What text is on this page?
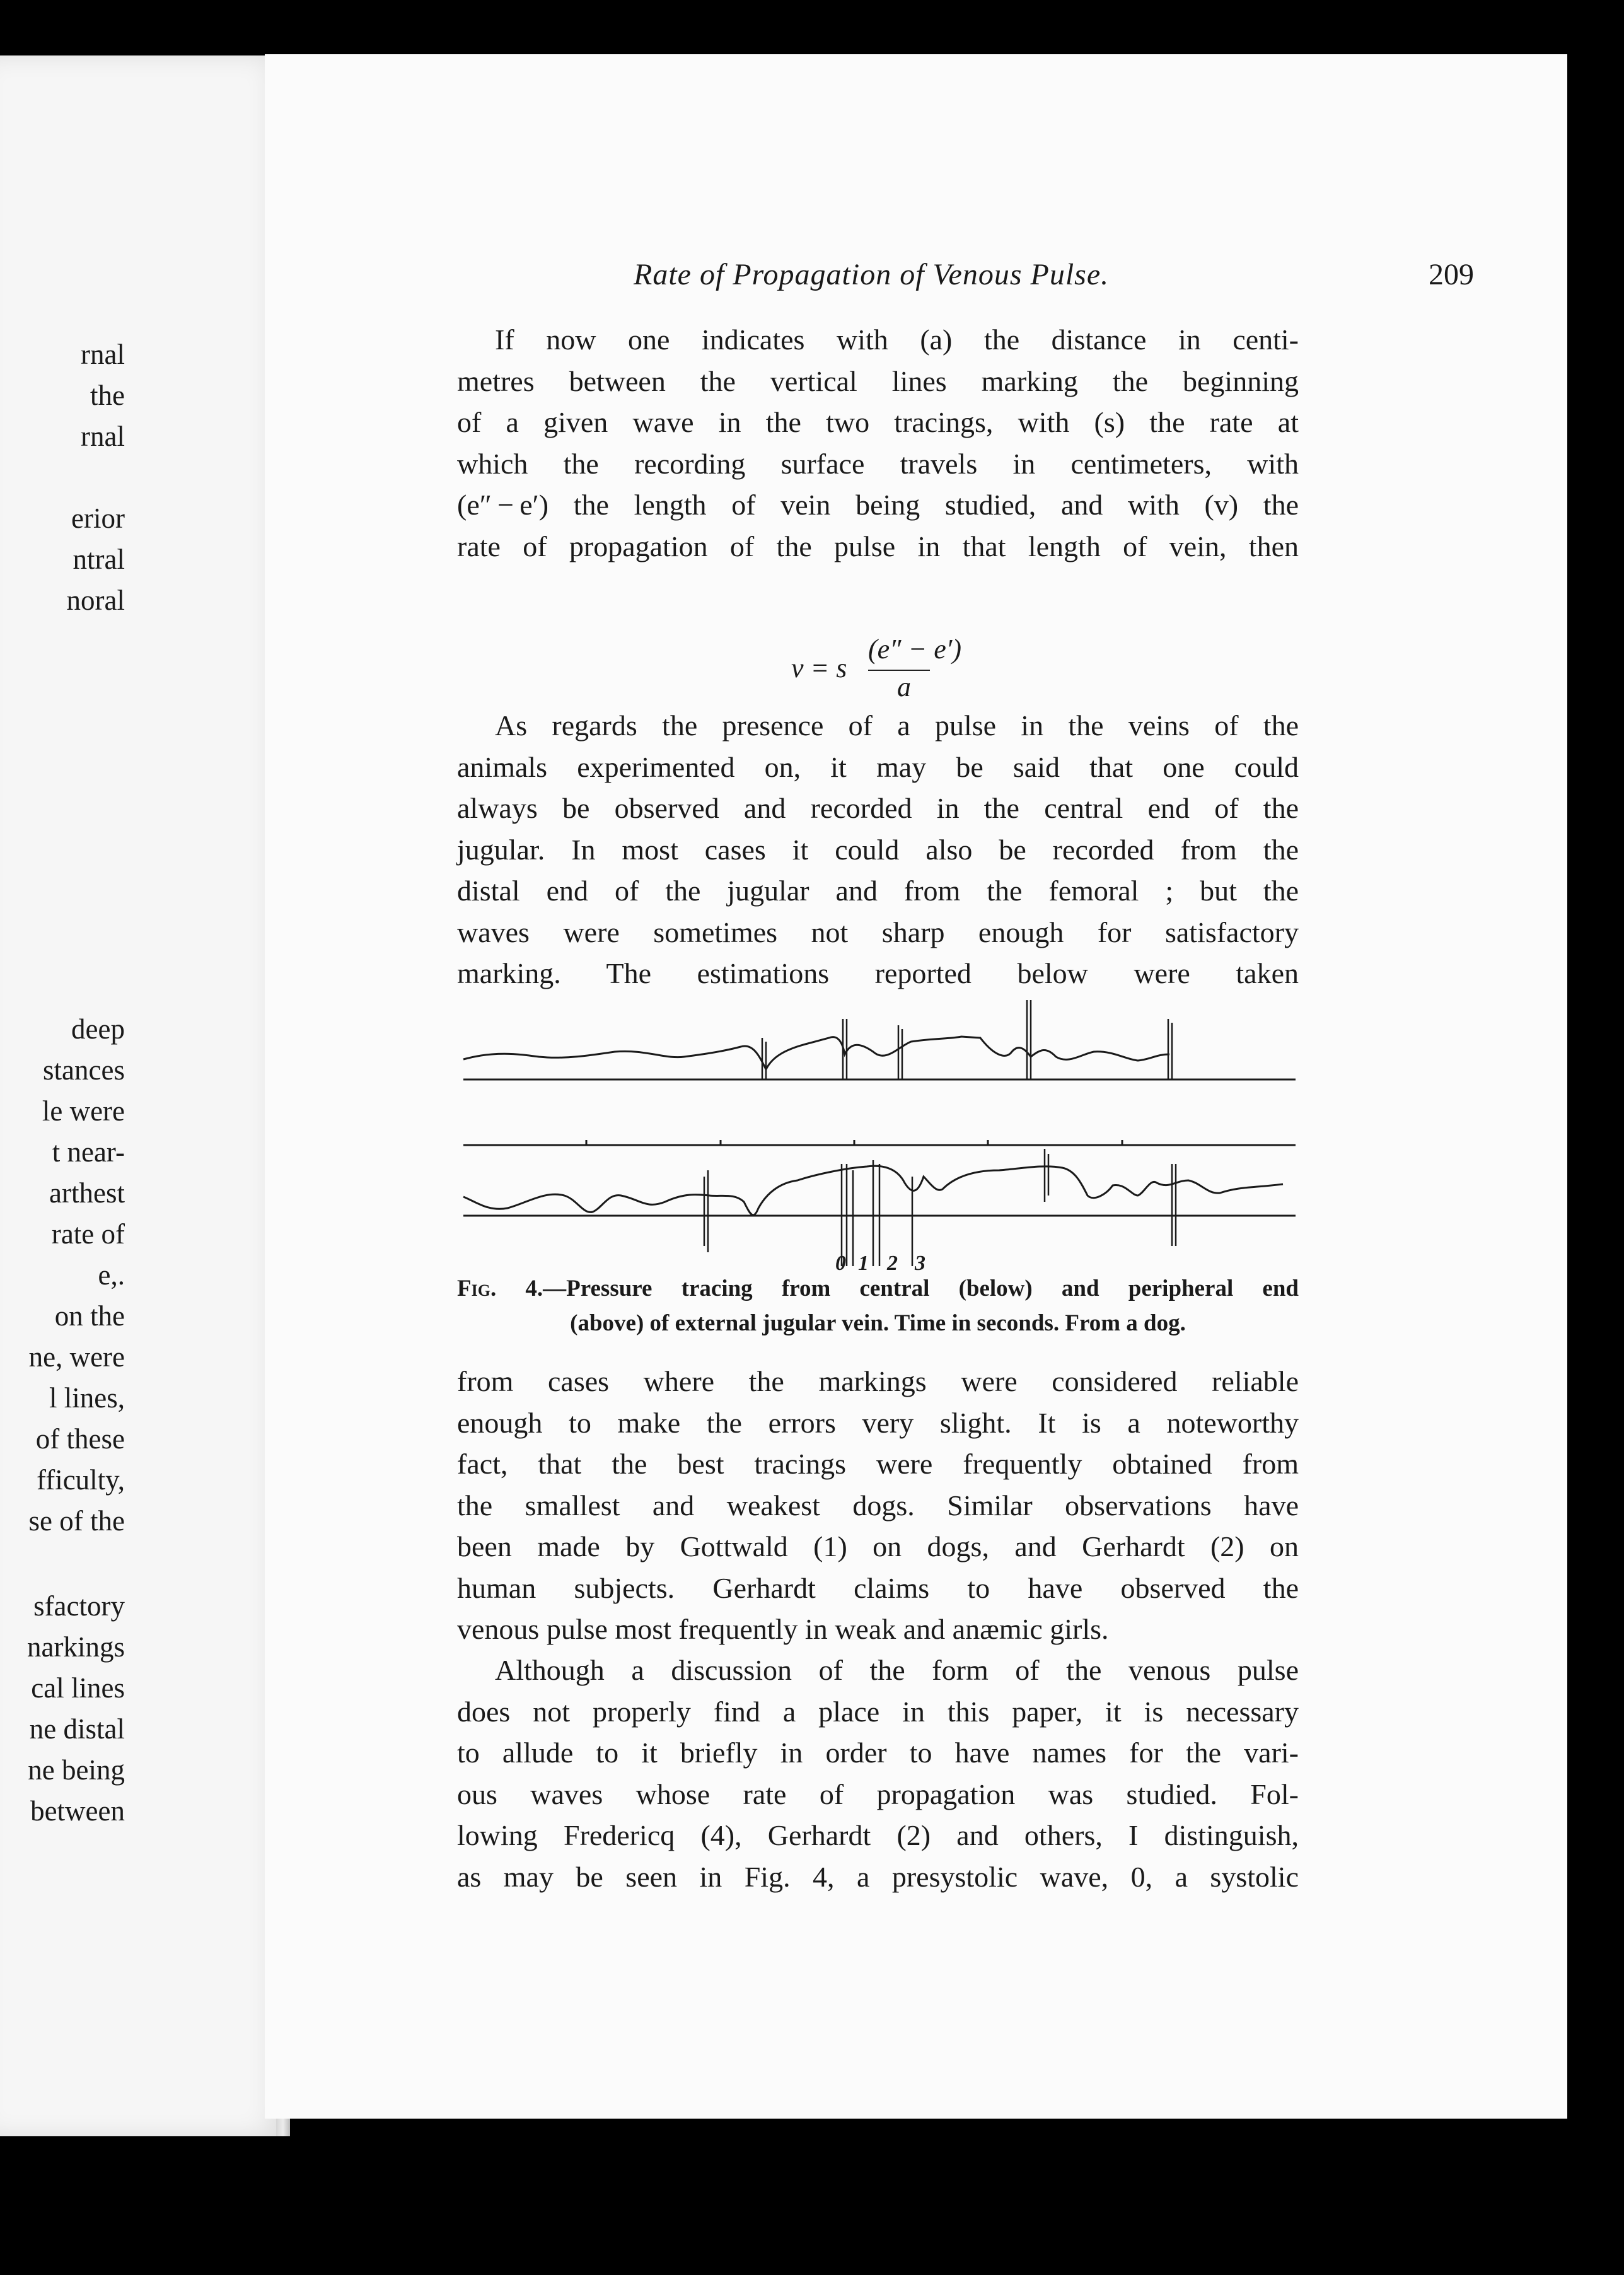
rnal
the
rnal
erior
ntral
noral
deep
stances
le were
t near-
arthest
rate of
e,.
on the
ne, were
l lines,
of these
fficulty,
se of the
sfactory
narkings
cal lines
ne distal
ne being
between
Rate of Propagation of Venous Pulse.	209
If now one indicates with (a) the distance in centi-
metres between the vertical lines marking the beginning
of a given wave in the two tracings, with (s) the rate at
which the recording surface travels in centimeters, with
(e″ − e′) the length of vein being studied, and with (v) the
rate of propagation of the pulse in that length of vein, then
v = s
(e″ − e′)
a
As regards the presence of a pulse in the veins of the
animals experimented on, it may be said that one could
always be observed and recorded in the central end of the
jugular. In most cases it could also be recorded from the
distal end of the jugular and from the femoral ; but the
waves were sometimes not sharp enough for satisfactory
marking. The estimations reported below were taken
0 1 2 3
Fig. 4.—Pressure tracing from central (below) and peripheral end
(above) of external jugular vein. Time in seconds. From a dog.
from cases where the markings were considered reliable
enough to make the errors very slight. It is a noteworthy
fact, that the best tracings were frequently obtained from
the smallest and weakest dogs. Similar observations have
been made by Gottwald (1) on dogs, and Gerhardt (2) on
human subjects. Gerhardt claims to have observed the
venous pulse most frequently in weak and anæmic girls.
Although a discussion of the form of the venous pulse
does not properly find a place in this paper, it is necessary
to allude to it briefly in order to have names for the vari-
ous waves whose rate of propagation was studied. Fol-
lowing Fredericq (4), Gerhardt (2) and others, I distinguish,
as may be seen in Fig. 4, a presystolic wave, 0, a systolic
